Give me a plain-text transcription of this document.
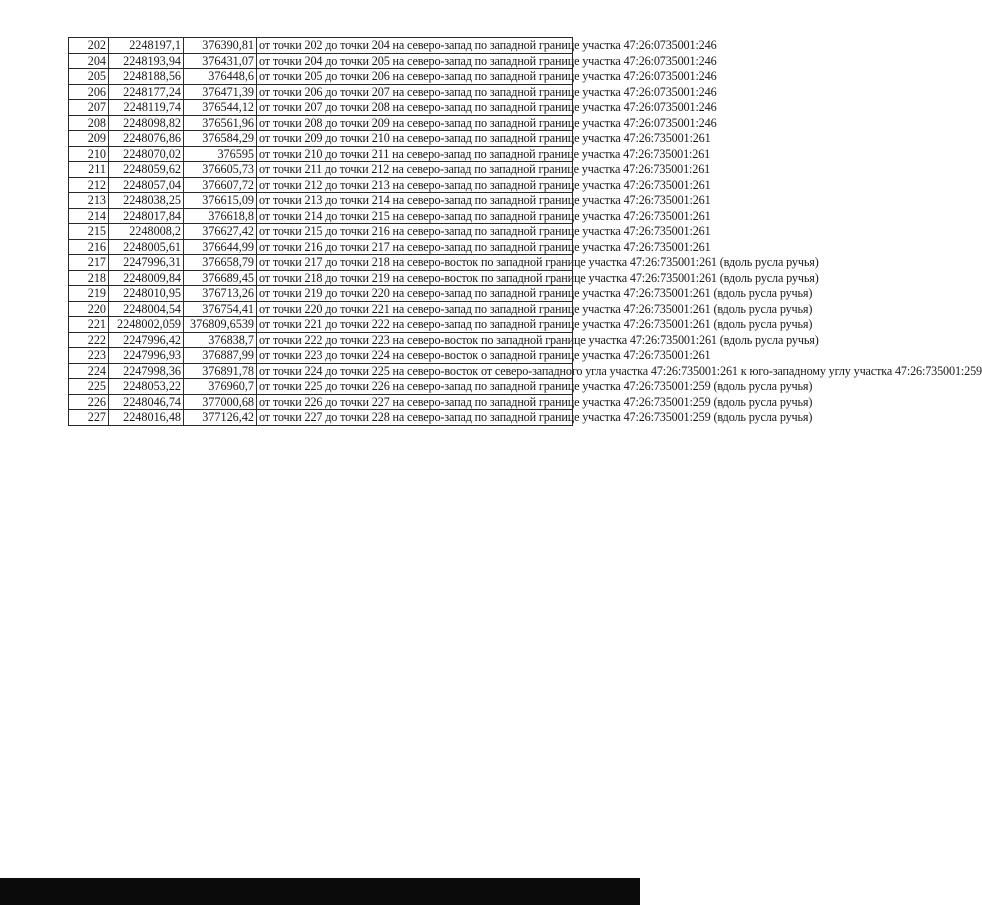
202	2248197,1	376390,81	от точки 202 до точки 204 на северо-запад по западной границе участка 47:26:0735001:246
204	2248193,94	376431,07	от точки 204 до точки 205 на северо-запад по западной границе участка 47:26:0735001:246
205	2248188,56	376448,6	от точки 205 до точки 206 на северо-запад по западной границе участка 47:26:0735001:246
206	2248177,24	376471,39	от точки 206 до точки 207 на северо-запад по западной границе участка 47:26:0735001:246
207	2248119,74	376544,12	от точки 207 до точки 208 на северо-запад по западной границе участка 47:26:0735001:246
208	2248098,82	376561,96	от точки 208 до точки 209 на северо-запад по западной границе участка 47:26:0735001:246
209	2248076,86	376584,29	от точки 209 до точки 210 на северо-запад по западной границе участка 47:26:735001:261
210	2248070,02	376595	от точки 210 до точки 211 на северо-запад по западной границе участка 47:26:735001:261
211	2248059,62	376605,73	от точки 211 до точки 212 на северо-запад по западной границе участка 47:26:735001:261
212	2248057,04	376607,72	от точки 212 до точки 213 на северо-запад по западной границе участка 47:26:735001:261
213	2248038,25	376615,09	от точки 213 до точки 214 на северо-запад по западной границе участка 47:26:735001:261
214	2248017,84	376618,8	от точки 214 до точки 215 на северо-запад по западной границе участка 47:26:735001:261
215	2248008,2	376627,42	от точки 215 до точки 216 на северо-запад по западной границе участка 47:26:735001:261
216	2248005,61	376644,99	от точки 216 до точки 217 на северо-запад по западной границе участка 47:26:735001:261
217	2247996,31	376658,79	от точки 217 до точки 218 на северо-восток по западной границе участка 47:26:735001:261 (вдоль русла ручья)
218	2248009,84	376689,45	от точки 218 до точки 219 на северо-восток по западной границе участка 47:26:735001:261 (вдоль русла ручья)
219	2248010,95	376713,26	от точки 219 до точки 220 на северо-запад по западной границе участка 47:26:735001:261 (вдоль русла ручья)
220	2248004,54	376754,41	от точки 220 до точки 221 на северо-запад по западной границе участка 47:26:735001:261 (вдоль русла ручья)
221	2248002,059	376809,6539	от точки 221 до точки 222 на северо-запад по западной границе участка 47:26:735001:261 (вдоль русла ручья)
222	2247996,42	376838,7	от точки 222 до точки 223 на северо-восток по западной границе участка 47:26:735001:261 (вдоль русла ручья)
223	2247996,93	376887,99	от точки 223 до точки 224 на северо-восток о западной границе участка 47:26:735001:261
224	2247998,36	376891,78	от точки 224 до точки 225 на северо-восток от северо-западного угла участка 47:26:735001:261 к юго-западному углу участка 47:26:735001:259
225	2248053,22	376960,7	от точки 225 до точки 226 на северо-запад по западной границе участка 47:26:735001:259 (вдоль русла ручья)
226	2248046,74	377000,68	от точки 226 до точки 227 на северо-запад по западной границе участка 47:26:735001:259 (вдоль русла ручья)
227	2248016,48	377126,42	от точки 227 до точки 228 на северо-запад по западной границе участка 47:26:735001:259 (вдоль русла ручья)
